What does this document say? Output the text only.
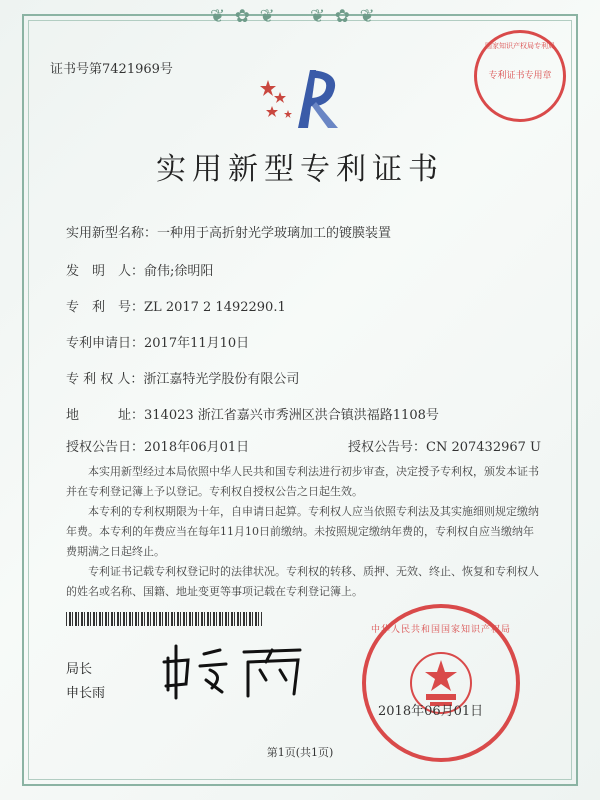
❦ ✿ ❦ ❦ ✿ ❦
证书号第7421969号
国家知识产权局专利局
专利证书专用章
实用新型专利证书
实用新型名称：一种用于高折射光学玻璃加工的镀膜装置
发　明　人：俞伟;徐明阳
专　利　号：ZL 2017 2 1492290.1
专利申请日：2017年11月10日
专 利 权 人：浙江嘉特光学股份有限公司
地　　　址：314023 浙江省嘉兴市秀洲区洪合镇洪福路1108号
授权公告日：2018年06月01日	授权公告号：CN 207432967 U
本实用新型经过本局依照中华人民共和国专利法进行初步审查，决定授予专利权，颁发本证书并在专利登记簿上予以登记。专利权自授权公告之日起生效。
本专利的专利权期限为十年，自申请日起算。专利权人应当依照专利法及其实施细则规定缴纳年费。本专利的年费应当在每年11月10日前缴纳。未按照规定缴纳年费的，专利权自应当缴纳年费期满之日起终止。
专利证书记载专利权登记时的法律状况。专利权的转移、质押、无效、终止、恢复和专利权人的姓名或名称、国籍、地址变更等事项记载在专利登记簿上。
局长
申长雨
中华人民共和国国家知识产权局
2018年06月01日
第1页(共1页)
